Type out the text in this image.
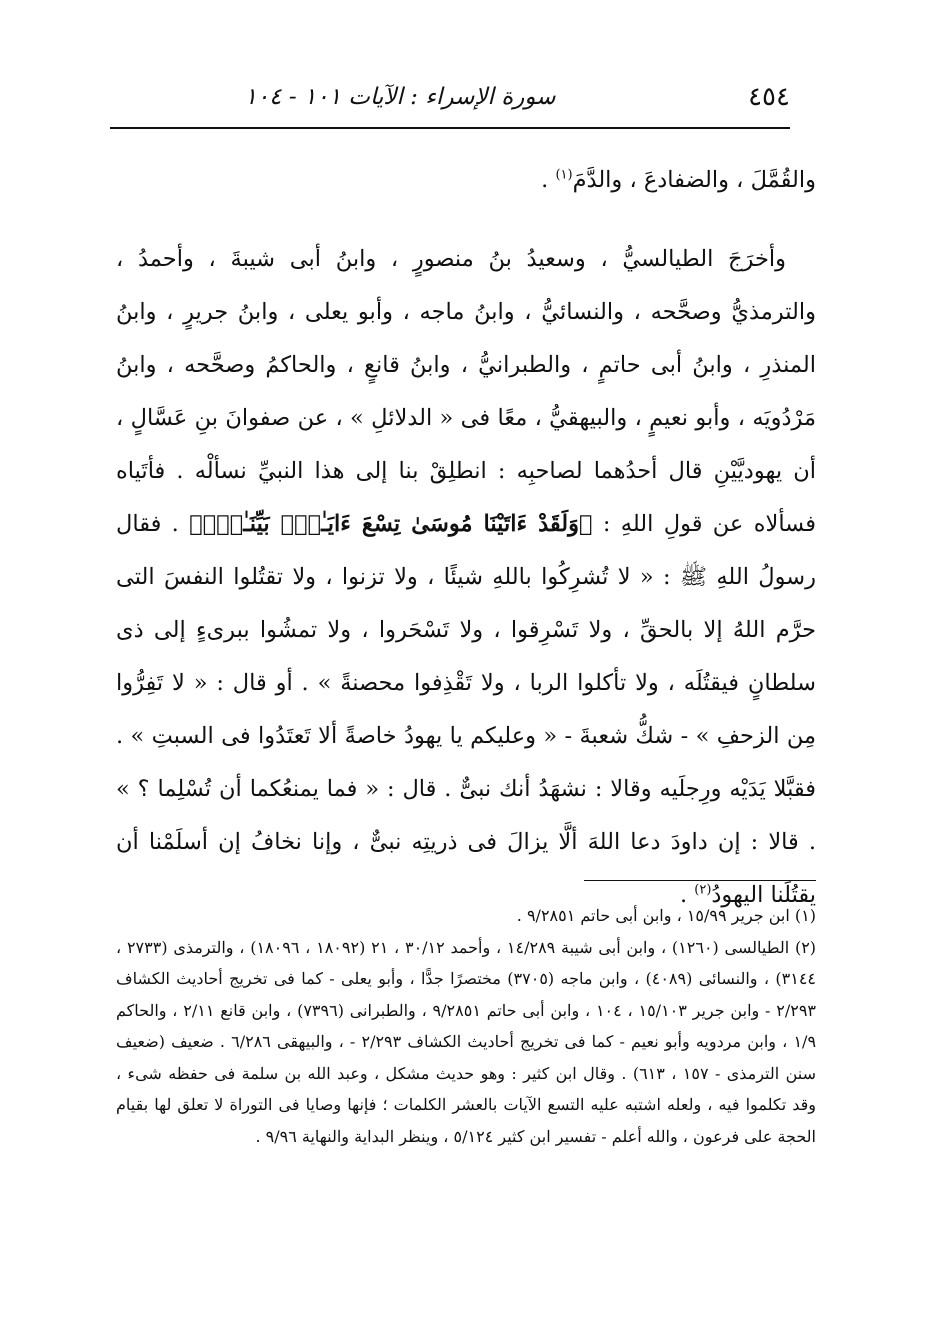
٤٥٤
سورة الإسراء : الآيات ١٠١ - ١٠٤

والقُمَّلَ ، والضفادعَ ، والدَّمَ$^{(١)}$ .

وأخرَجَ الطيالسيُّ ، وسعيدُ بنُ منصورٍ ، وابنُ أبى شيبةَ ، وأحمدُ ، والترمذيُّ وصحَّحه ، والنسائيُّ ، وابنُ ماجه ، وأبو يعلى ، وابنُ جريرٍ ، وابنُ المنذرِ ، وابنُ أبى حاتمٍ ، والطبرانيُّ ، وابنُ قانعٍ ، والحاكمُ وصحَّحه ، وابنُ مَرْدُويَه ، وأبو نعيمٍ ، والبيهقيُّ ، معًا فى « الدلائلِ » ، عن صفوانَ بنِ عَسَّالٍ ، أن يهوديَّيْنِ قال أحدُهما لصاحبِه : انطلِقْ بنا إلى هذا النبيِّ نسألْه . فأتَياه فسألاه عن قولِ اللهِ : ﴿وَلَقَدْ ءَاتَيْنَا مُوسَىٰ تِسْعَ ءَايَـٰتٍۭ بَيِّنَـٰتٍۢ﴾ . فقال رسولُ اللهِ ﷺ : « لا تُشرِكُوا باللهِ شيئًا ، ولا تزنوا ، ولا تقتُلوا النفسَ التى حرَّم اللهُ إلا بالحقِّ ، ولا تَسْرِقوا ، ولا تَسْحَروا ، ولا تمشُوا ببرىءٍ إلى ذى سلطانٍ فيقتُلَه ، ولا تأكلوا الربا ، ولا تَقْذِفوا محصنةً » . أو قال : « لا تَفِرُّوا مِن الزحفِ » - شكُّ شعبةَ - « وعليكم يا يهودُ خاصةً ألا تَعتَدُوا فى السبتِ » . فقبَّلا يَدَيْه ورِجلَيه وقالا : نشهَدُ أنك نبىٌّ . قال : « فما يمنعُكما أن تُسْلِما ؟ » . قالا : إن داودَ دعا اللهَ ألَّا يزالَ فى ذريتِه نبىٌّ ، وإنا نخافُ إن أسلَمْنا أن يقتُلَنا اليهودُ$^{(٢)}$ .

(١) ابن جرير ١٥/٩٩ ، وابن أبى حاتم ٩/٢٨٥١ .

(٢) الطيالسى (١٢٦٠) ، وابن أبى شيبة ١٤/٢٨٩ ، وأحمد ٣٠/١٢ ، ٢١ (١٨٠٩٢ ، ١٨٠٩٦) ، والترمذى (٢٧٣٣ ، ٣١٤٤) ، والنسائى (٤٠٨٩) ، وابن ماجه (٣٧٠٥) مختصرًا جدًّا ، وأبو يعلى - كما فى تخريج أحاديث الكشاف ٢/٢٩٣ - وابن جرير ١٥/١٠٣ ، ١٠٤ ، وابن أبى حاتم ٩/٢٨٥١ ، والطبرانى (٧٣٩٦) ، وابن قانع ٢/١١ ، والحاكم ١/٩ ، وابن مردويه وأبو نعيم - كما فى تخريج أحاديث الكشاف ٢/٢٩٣ - ، والبيهقى ٦/٢٨٦ . ضعيف (ضعيف سنن الترمذى - ١٥٧ ، ٦١٣) . وقال ابن كثير : وهو حديث مشكل ، وعبد الله بن سلمة فى حفظه شىء ، وقد تكلموا فيه ، ولعله اشتبه عليه التسع الآيات بالعشر الكلمات ؛ فإنها وصايا فى التوراة لا تعلق لها بقيام الحجة على فرعون ، والله أعلم - تفسير ابن كثير ٥/١٢٤ ، وينظر البداية والنهاية ٩/٩٦ .
